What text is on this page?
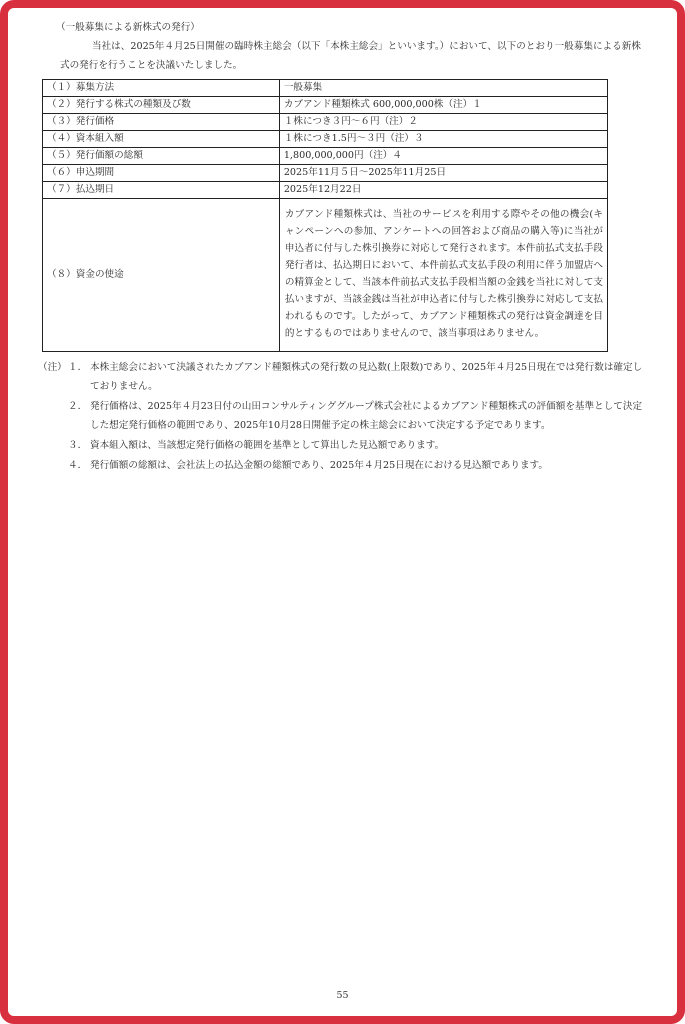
（一般募集による新株式の発行）
当社は、2025年４月25日開催の臨時株主総会（以下「本株主総会」といいます。）において、以下のとおり一般募集による新株式の発行を行うことを決議いたしました。
（１）募集方法	一般募集
（２）発行する株式の種類及び数	カブアンド種類株式 600,000,000株（注）１
（３）発行価格	１株につき３円～６円（注）２
（４）資本組入額	１株につき1.5円～３円（注）３
（５）発行価額の総額	1,800,000,000円（注）４
（６）申込期間	2025年11月５日～2025年11月25日
（７）払込期日	2025年12月22日
（８）資金の使途	カブアンド種類株式は、当社のサービスを利用する際やその他の機会(キャンペーンへの参加、アンケートへの回答および商品の購入等)に当社が申込者に付与した株引換券に対応して発行されます。本件前払式支払手段発行者は、払込期日において、本件前払式支払手段の利用に伴う加盟店への精算金として、当該本件前払式支払手段相当額の金銭を当社に対して支払いますが、当該金銭は当社が申込者に付与した株引換券に対応して支払われるものです。したがって、カブアンド種類株式の発行は資金調達を目的とするものではありませんので、該当事項はありません。
（注） １． 本株主総会において決議されたカブアンド種類株式の発行数の見込数(上限数)であり、2025年４月25日現在では発行数は確定しておりません。
２． 発行価格は、2025年４月23日付の山田コンサルティンググループ株式会社によるカブアンド種類株式の評価額を基準として決定した想定発行価格の範囲であり、2025年10月28日開催予定の株主総会において決定する予定であります。
３． 資本組入額は、当該想定発行価格の範囲を基準として算出した見込額であります。
４． 発行価額の総額は、会社法上の払込金額の総額であり、2025年４月25日現在における見込額であります。
55
